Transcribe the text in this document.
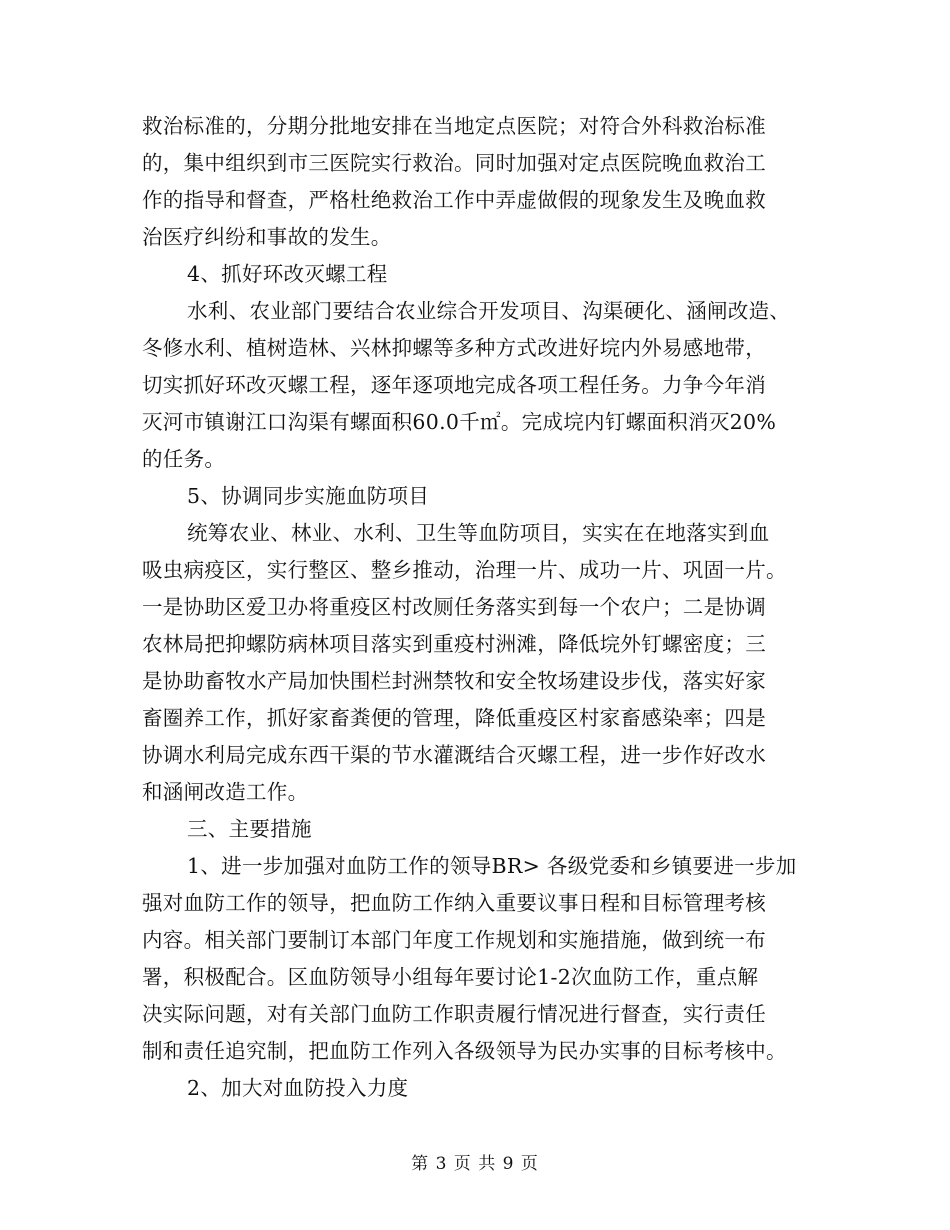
救治标准的，分期分批地安排在当地定点医院；对符合外科救治标准
的，集中组织到市三医院实行救治。同时加强对定点医院晚血救治工
作的指导和督查，严格杜绝救治工作中弄虚做假的现象发生及晚血救
治医疗纠纷和事故的发生。
4、抓好环改灭螺工程
水利、农业部门要结合农业综合开发项目、沟渠硬化、涵闸改造、
冬修水利、植树造林、兴林抑螺等多种方式改进好垸内外易感地带，
切实抓好环改灭螺工程，逐年逐项地完成各项工程任务。力争今年消
灭河市镇谢江口沟渠有螺面积60.0千㎡。完成垸内钉螺面积消灭20%
的任务。
5、协调同步实施血防项目
统筹农业、林业、水利、卫生等血防项目，实实在在地落实到血
吸虫病疫区，实行整区、整乡推动，治理一片、成功一片、巩固一片。
一是协助区爱卫办将重疫区村改厕任务落实到每一个农户；二是协调
农林局把抑螺防病林项目落实到重疫村洲滩，降低垸外钉螺密度；三
是协助畜牧水产局加快围栏封洲禁牧和安全牧场建设步伐，落实好家
畜圈养工作，抓好家畜粪便的管理，降低重疫区村家畜感染率；四是
协调水利局完成东西干渠的节水灌溉结合灭螺工程，进一步作好改水
和涵闸改造工作。
三、主要措施
1、进一步加强对血防工作的领导BR> 各级党委和乡镇要进一步加
强对血防工作的领导，把血防工作纳入重要议事日程和目标管理考核
内容。相关部门要制订本部门年度工作规划和实施措施，做到统一布
署，积极配合。区血防领导小组每年要讨论1-2次血防工作，重点解
决实际问题，对有关部门血防工作职责履行情况进行督查，实行责任
制和责任追究制，把血防工作列入各级领导为民办实事的目标考核中。
2、加大对血防投入力度
第 3 页 共 9 页
